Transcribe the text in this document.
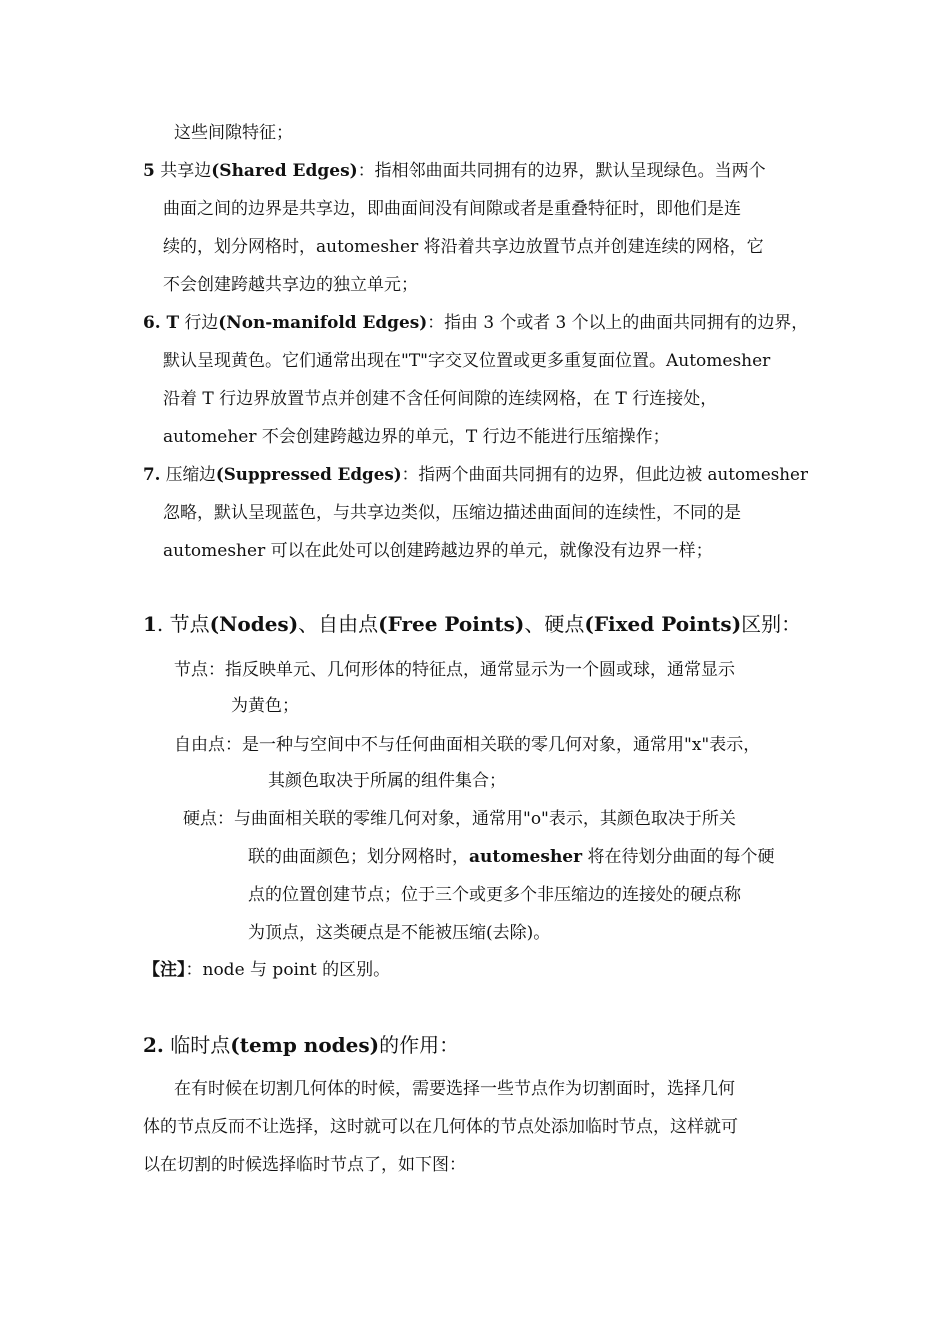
这些间隙特征；
5 共享边(Shared Edges)：指相邻曲面共同拥有的边界，默认呈现绿色。当两个
曲面之间的边界是共享边，即曲面间没有间隙或者是重叠特征时，即他们是连
续的，划分网格时，automesher 将沿着共享边放置节点并创建连续的网格，它
不会创建跨越共享边的独立单元；
6. T 行边(Non-manifold Edges)：指由 3 个或者 3 个以上的曲面共同拥有的边界，
默认呈现黄色。它们通常出现在"T"字交叉位置或更多重复面位置。Automesher
沿着 T 行边界放置节点并创建不含任何间隙的连续网格，在 T 行连接处，
automeher 不会创建跨越边界的单元，T 行边不能进行压缩操作；
7. 压缩边(Suppressed Edges)：指两个曲面共同拥有的边界，但此边被 automesher
忽略，默认呈现蓝色，与共享边类似，压缩边描述曲面间的连续性，不同的是
automesher 可以在此处可以创建跨越边界的单元，就像没有边界一样；
1. 节点(Nodes)、自由点(Free Points)、硬点(Fixed Points)区别：
节点：指反映单元、几何形体的特征点，通常显示为一个圆或球，通常显示
为黄色；
自由点：是一种与空间中不与任何曲面相关联的零几何对象，通常用"x"表示，
其颜色取决于所属的组件集合；
硬点：与曲面相关联的零维几何对象，通常用"o"表示，其颜色取决于所关
联的曲面颜色；划分网格时，automesher 将在待划分曲面的每个硬
点的位置创建节点；位于三个或更多个非压缩边的连接处的硬点称
为顶点，这类硬点是不能被压缩(去除)。
【注】：node 与 point 的区别。
2. 临时点(temp nodes)的作用：
在有时候在切割几何体的时候，需要选择一些节点作为切割面时，选择几何
体的节点反而不让选择，这时就可以在几何体的节点处添加临时节点，这样就可
以在切割的时候选择临时节点了，如下图：
